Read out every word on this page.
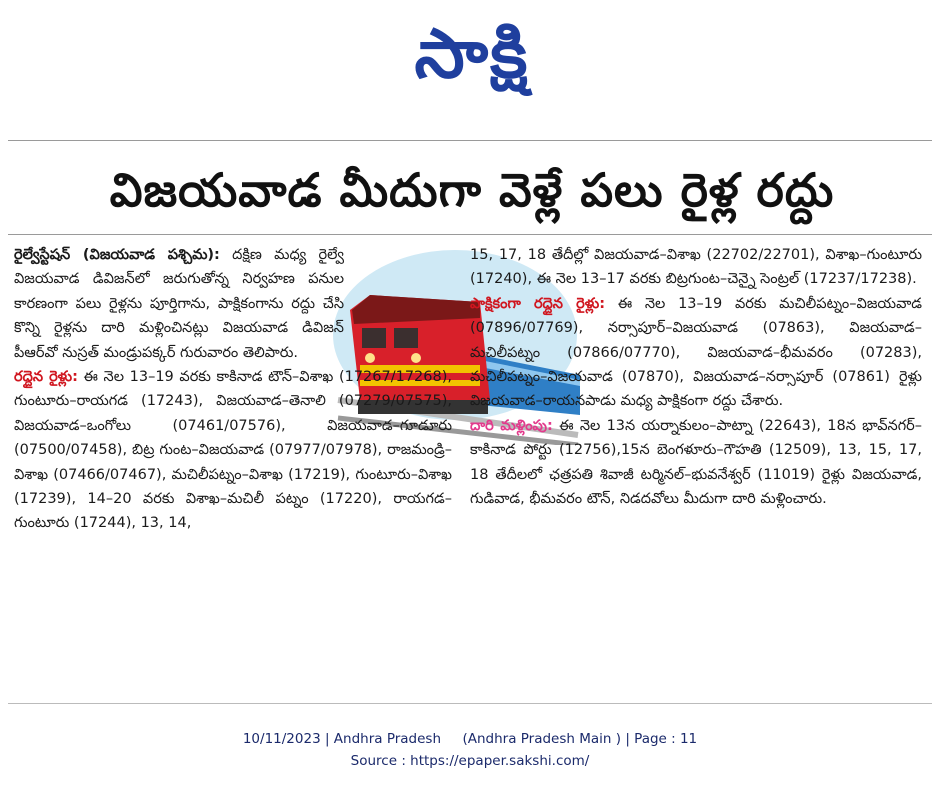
సాక్షి
విజయవాడ మీదుగా వెళ్లే పలు రైళ్ల రద్దు

రైల్వేస్టేషన్ (విజయవాడ పశ్చిమ): దక్షిణ మధ్య రైల్వే విజయవాడ డివిజన్‌లో జరుగుతోన్న నిర్వహణ పనుల కారణంగా పలు రైళ్లను పూర్తిగాను, పాక్షికంగాను రద్దు చేసి కొన్ని రైళ్లను దారి మళ్లించినట్లు విజయవాడ డివిజన్ పీఆర్‌వో నుస్రత్ మండ్రుపక్కర్ గురువారం తెలిపారు.

రద్దైన రైళ్లు: ఈ నెల 13–19 వరకు కాకినాడ టౌన్–విశాఖ (17267/17268), గుంటూరు–రాయగడ (17243), విజయవాడ–తెనాలి (07279/07575), విజయవాడ–ఒంగోలు (07461/07576), విజయవాడ–గూడూరు (07500/07458), బిట్ర గుంట–విజయవాడ (07977/07978), రాజమండ్రి–విశాఖ (07466/07467), మచిలీపట్నం–విశాఖ (17219), గుంటూరు–విశాఖ (17239), 14–20 వరకు విశాఖ–మచిలీ పట్నం (17220), రాయగడ–గుంటూరు (17244), 13, 14,

15, 17, 18 తేదీల్లో విజయవాడ–విశాఖ (22702/22701), విశాఖ–గుంటూరు (17240), ఈ నెల 13–17 వరకు బిట్రగుంట–చెన్నై సెంట్రల్ (17237/17238).

పాక్షికంగా రద్దైన రైళ్లు: ఈ నెల 13–19 వరకు మచిలీపట్నం–విజయవాడ (07896/07769), నర్సాపూర్–విజయవాడ (07863), విజయవాడ–మచిలీపట్నం (07866/07770), విజయవాడ–భీమవరం (07283), మచిలీపట్నం–విజయవాడ (07870), విజయవాడ–నర్సాపూర్ (07861) రైళ్లు విజయవాడ–రాయనపాడు మధ్య పాక్షికంగా రద్దు చేశారు.

దారి మళ్లింపు: ఈ నెల 13న యర్నాకులం–పాట్నా (22643), 18న భావ్‌నగర్–కాకినాడ పోర్టు (12756),15న బెంగళూరు–గౌహతి (12509), 13, 15, 17, 18 తేదీలలో ఛత్రపతి శివాజీ టర్మినల్–భువనేశ్వర్ (11019) రైళ్లు విజయవాడ, గుడివాడ, భీమవరం టౌన్, నిడదవోలు మీదుగా దారి మళ్లించారు.

10/11/2023 | Andhra Pradesh     (Andhra Pradesh Main ) | Page : 11
Source : https://epaper.sakshi.com/
